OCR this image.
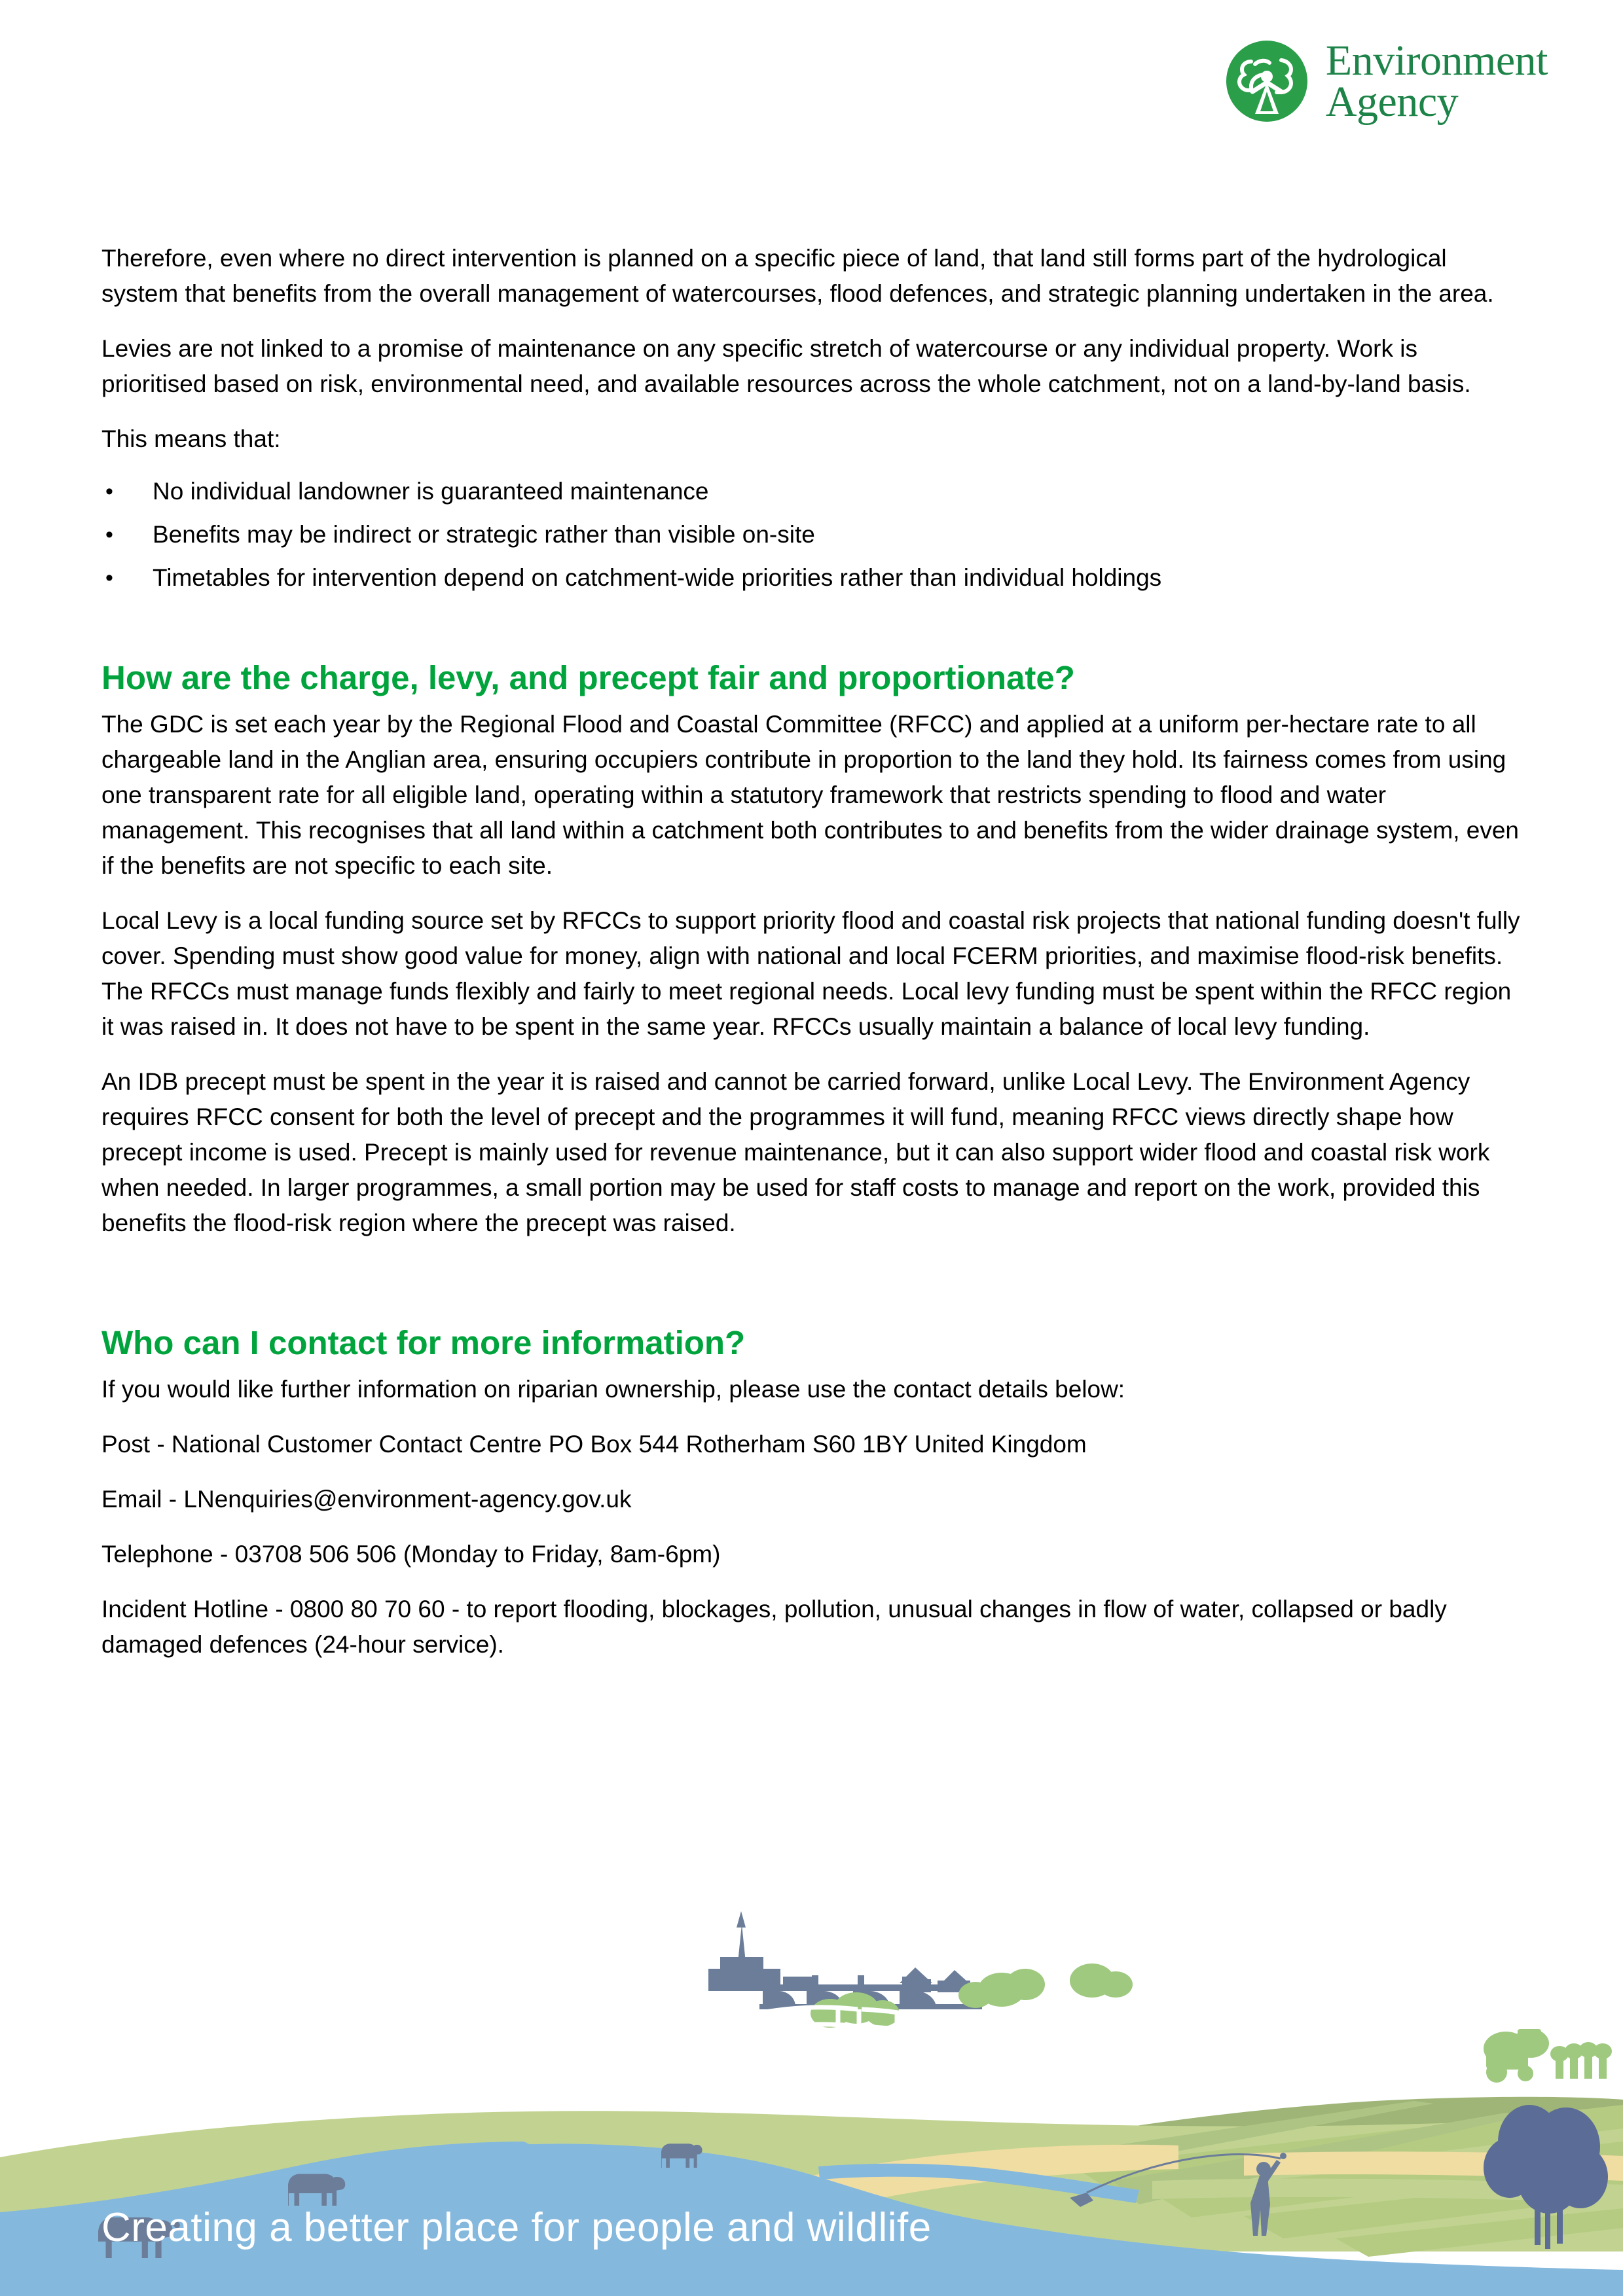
Environment
Agency

Therefore, even where no direct intervention is planned on a specific piece of land, that land still forms part of the hydrological system that benefits from the overall management of watercourses, flood defences, and strategic planning undertaken in the area.

Levies are not linked to a promise of maintenance on any specific stretch of watercourse or any individual property. Work is prioritised based on risk, environmental need, and available resources across the whole catchment, not on a land-by-land basis.

This means that:

• No individual landowner is guaranteed maintenance
• Benefits may be indirect or strategic rather than visible on-site
• Timetables for intervention depend on catchment-wide priorities rather than individual holdings
How are the charge, levy, and precept fair and proportionate?

The GDC is set each year by the Regional Flood and Coastal Committee (RFCC) and applied at a uniform per-hectare rate to all chargeable land in the Anglian area, ensuring occupiers contribute in proportion to the land they hold. Its fairness comes from using one transparent rate for all eligible land, operating within a statutory framework that restricts spending to flood and water management. This recognises that all land within a catchment both contributes to and benefits from the wider drainage system, even if the benefits are not specific to each site.

Local Levy is a local funding source set by RFCCs to support priority flood and coastal risk projects that national funding doesn't fully cover. Spending must show good value for money, align with national and local FCERM priorities, and maximise flood-risk benefits. The RFCCs must manage funds flexibly and fairly to meet regional needs. Local levy funding must be spent within the RFCC region it was raised in. It does not have to be spent in the same year. RFCCs usually maintain a balance of local levy funding.

An IDB precept must be spent in the year it is raised and cannot be carried forward, unlike Local Levy. The Environment Agency requires RFCC consent for both the level of precept and the programmes it will fund, meaning RFCC views directly shape how precept income is used. Precept is mainly used for revenue maintenance, but it can also support wider flood and coastal risk work when needed. In larger programmes, a small portion may be used for staff costs to manage and report on the work, provided this benefits the flood-risk region where the precept was raised.

Who can I contact for more information?

If you would like further information on riparian ownership, please use the contact details below:

Post - National Customer Contact Centre PO Box 544 Rotherham S60 1BY United Kingdom

Email - LNenquiries@environment-agency.gov.uk

Telephone - 03708 506 506 (Monday to Friday, 8am-6pm)

Incident Hotline - 0800 80 70 60 - to report flooding, blockages, pollution, unusual changes in flow of water, collapsed or badly damaged defences (24-hour service).

Creating a better place for people and wildlife
